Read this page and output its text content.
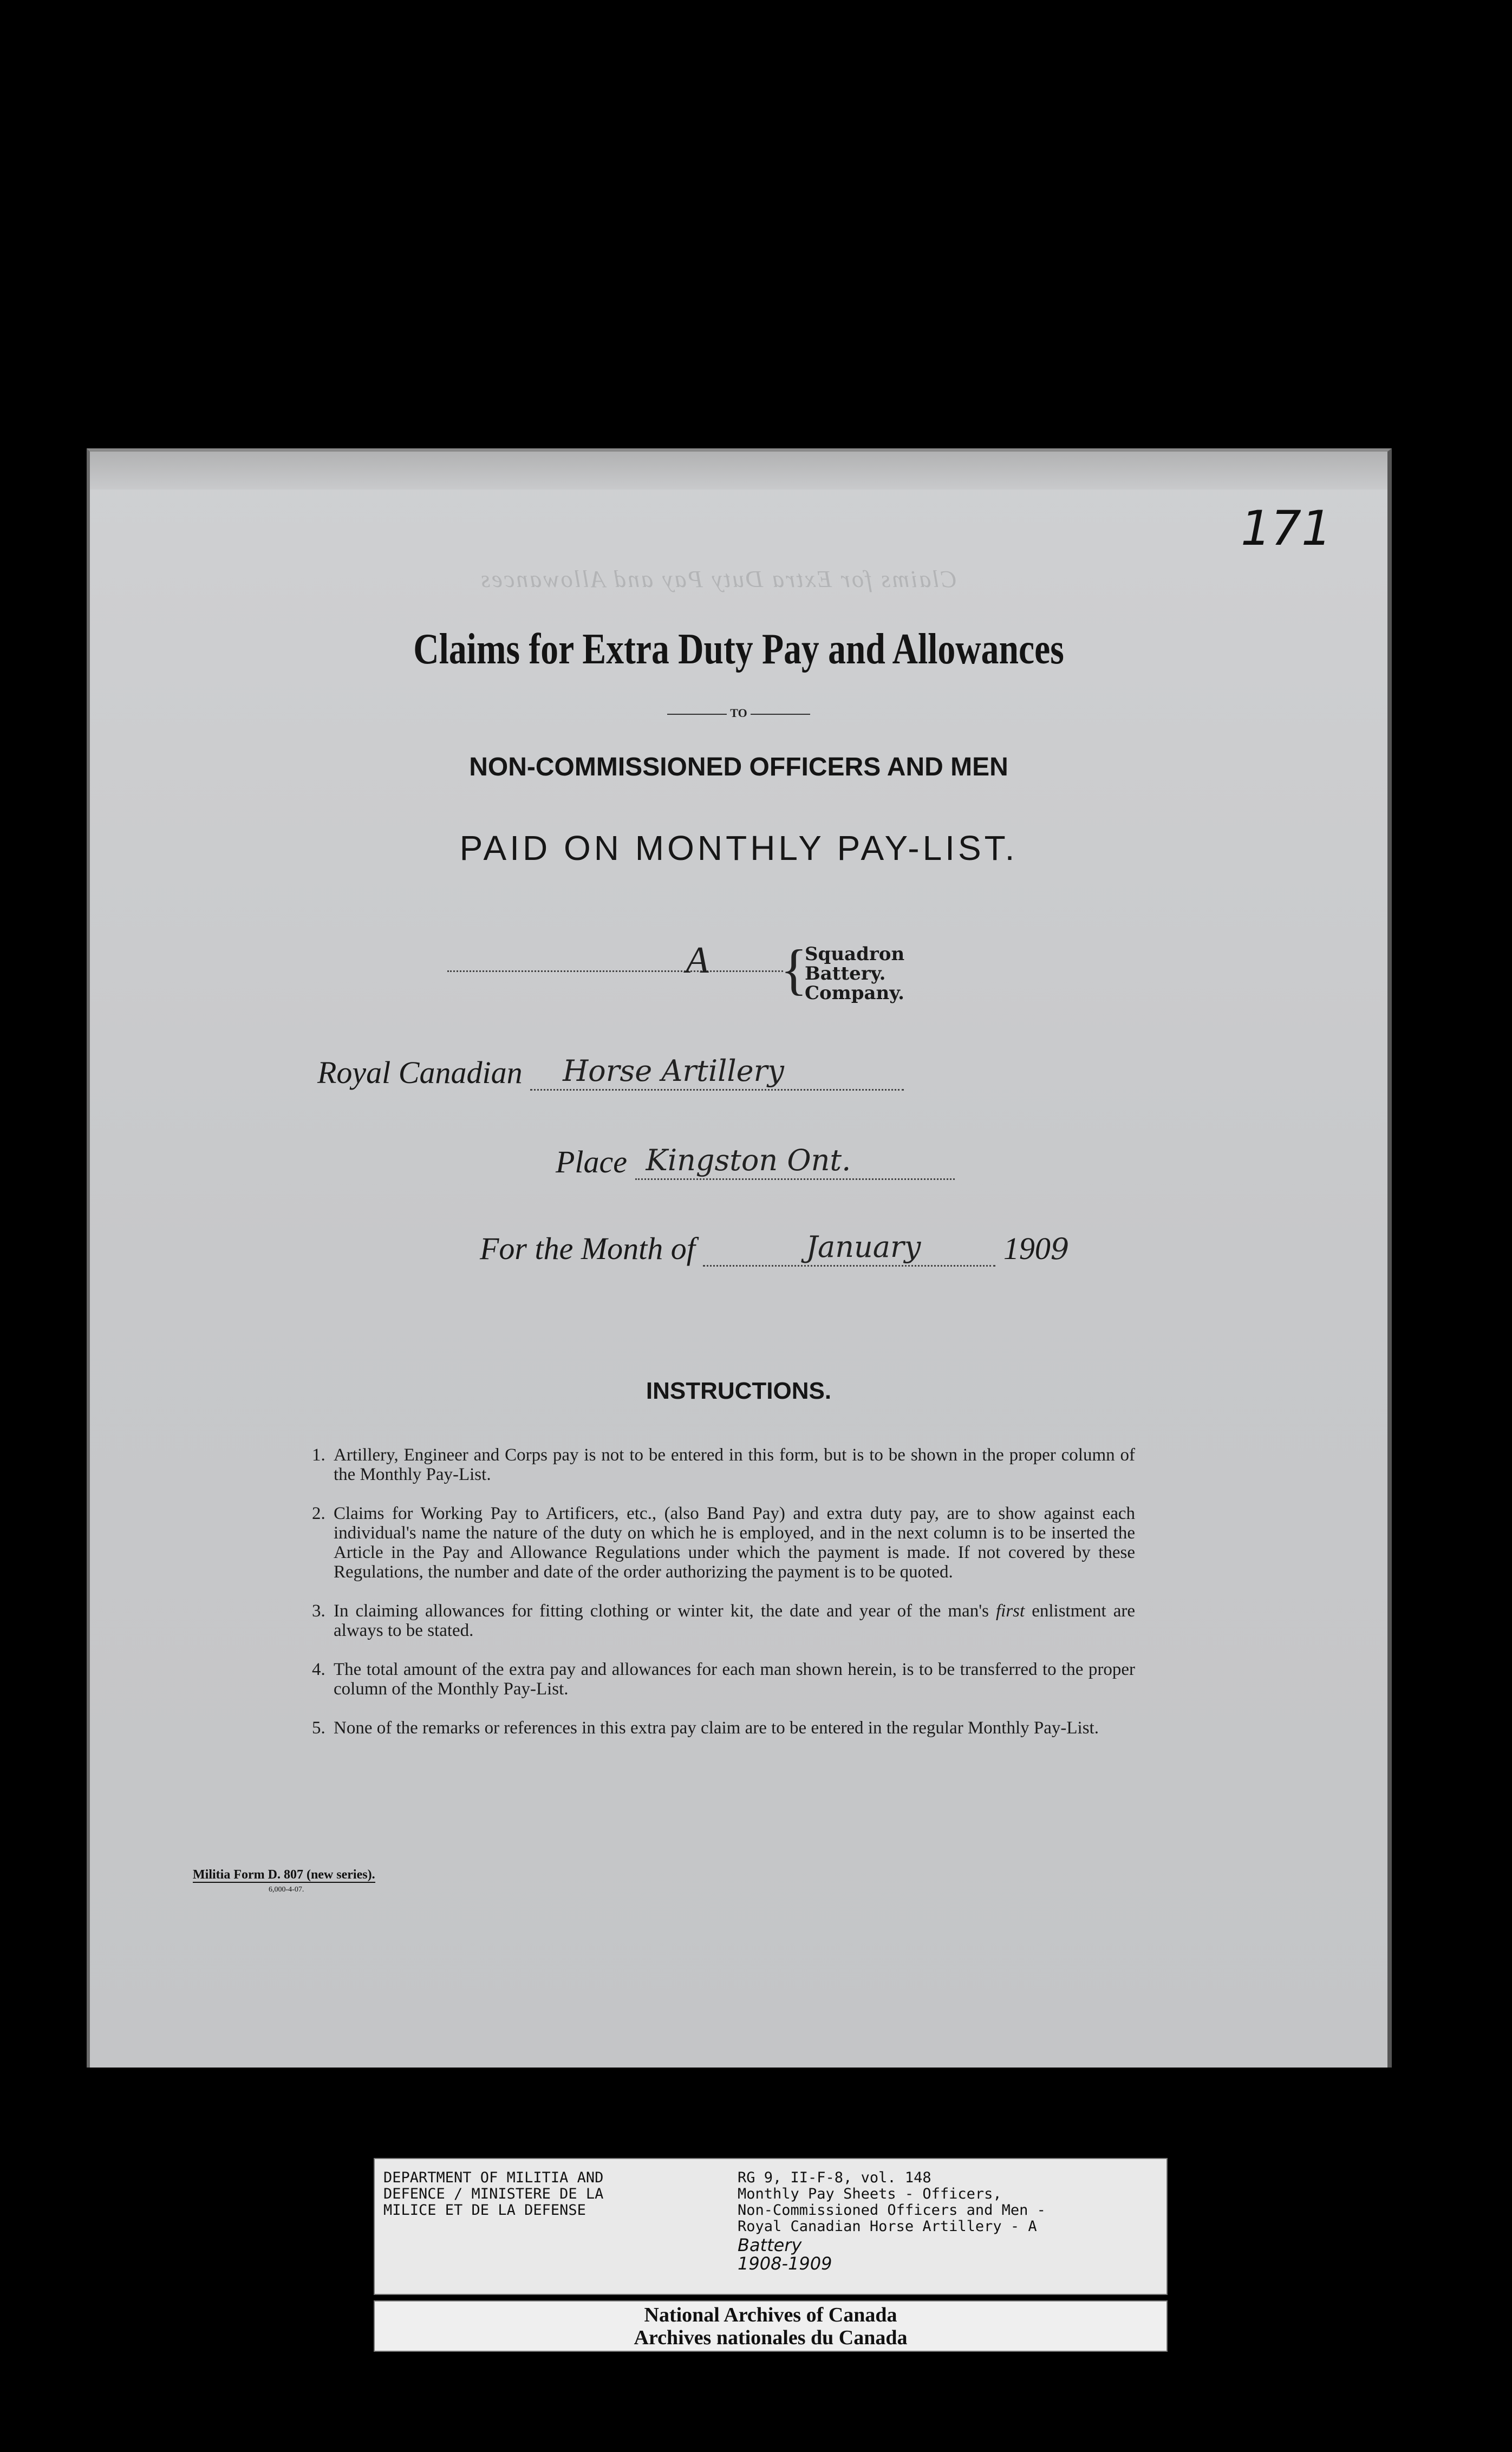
Claims for Extra Duty Pay and Allowances
171
Claims for Extra Duty Pay and Allowances
TO
NON-COMMISSIONED OFFICERS AND MEN
PAID ON MONTHLY PAY-LIST.
A {
Squadron
Battery.
Company.
Royal Canadian Horse Artillery

Place Kingston Ont.

For the Month of	January	1909
INSTRUCTIONS.
1. Artillery, Engineer and Corps pay is not to be entered in this form, but is to be shown in the proper column of the Monthly Pay-List.
2. Claims for Working Pay to Artificers, etc., (also Band Pay) and extra duty pay, are to show against each individual's name the nature of the duty on which he is employed, and in the next column is to be inserted the Article in the Pay and Allowance Regulations under which the payment is made. If not covered by these Regulations, the number and date of the order authorizing the payment is to be quoted.
3. In claiming allowances for fitting clothing or winter kit, the date and year of the man's first enlistment are always to be stated.
4. The total amount of the extra pay and allowances for each man shown herein, is to be transferred to the proper column of the Monthly Pay-List.
5. None of the remarks or references in this extra pay claim are to be entered in the regular Monthly Pay-List.
Militia Form D. 807 (new series).
6,000-4-07.
DEPARTMENT OF MILITIA AND
DEFENCE / MINISTERE DE LA
MILICE ET DE LA DEFENSE
RG 9, II-F-8, vol. 148
Monthly Pay Sheets - Officers,
Non-Commissioned Officers and Men -
Royal Canadian Horse Artillery - A
Battery
1908-1909
National Archives of Canada
Archives nationales du Canada
